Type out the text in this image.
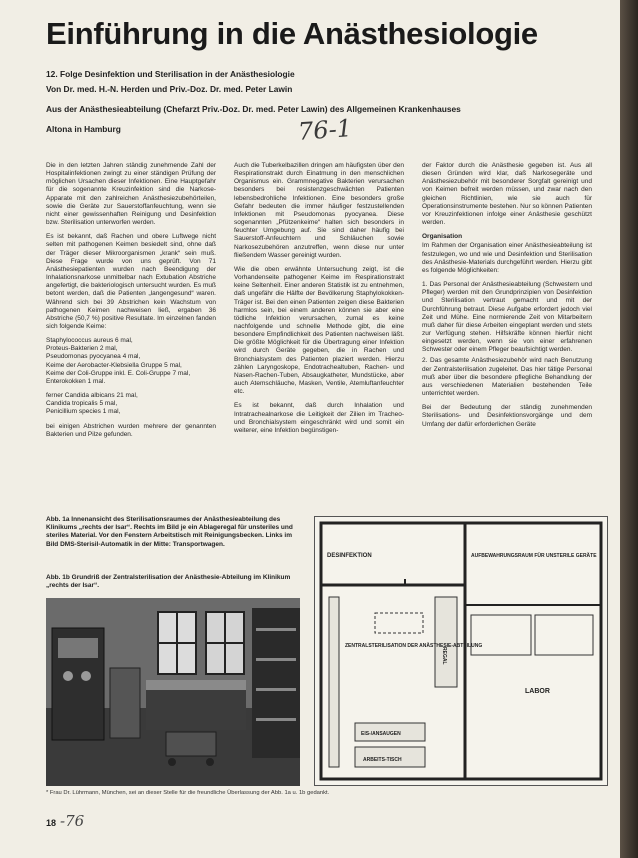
Einführung in die Anästhesiologie
12. Folge Desinfektion und Sterilisation in der Anästhesiologie
Von Dr. med. H.-N. Herden und Priv.-Doz. Dr. med. Peter Lawin
Aus der Anästhesieabteilung (Chefarzt Priv.-Doz. Dr. med. Peter Lawin) des Allgemeinen Krankenhauses
Altona in Hamburg	76-1

Die in den letzten Jahren ständig zunehmende Zahl der Hospitalinfektionen zwingt zu einer ständigen Prüfung der möglichen Ursachen dieser Infektionen. Eine Hauptgefahr für die sogenannte Kreuzinfektion sind die Narkose-Apparate mit den zahlreichen Anästhesiezubehörteilen, sowie die Geräte zur Sauerstoffanfeuchtung, wenn sie nicht einer gewissenhaften Reinigung und Desinfektion bzw. Sterilisation unterworfen werden.

Es ist bekannt, daß Rachen und obere Luftwege nicht selten mit pathogenen Keimen besiedelt sind, ohne daß der Träger dieser Mikroorganismen „krank“ sein muß. Diese Frage wurde von uns geprüft. Von 71 Anästhesiepatienten wurden nach Beendigung der Inhalationsnarkose unmittelbar nach Extubation Abstriche angefertigt, die bakteriologisch untersucht wurden. Es muß betont werden, daß die Patienten „langengesund“ waren. Während sich bei 39 Abstrichen kein Wachstum von pathogenen Keimen nachweisen ließ, ergaben 36 Abstriche (50,7 %) positive Resultate. Im einzelnen fanden sich folgende Keime:

Staphylococcus aureus 6 mal,
Proteus-Bakterien 2 mal,
Pseudomonas pyocyanea 4 mal,
Keime der Aerobacter-Klebsiella Gruppe 5 mal,
Keime der Coli-Gruppe inkl. E. Coli-Gruppe 7 mal,
Enterokokken 1 mal.
ferner Candida albicans 21 mal,
Candida tropicalis 5 mal,
Penicillium species 1 mal,

bei einigen Abstrichen wurden mehrere der genannten Bakterien und Pilze gefunden.

Auch die Tuberkelbazillen dringen am häufigsten über den Respirationstrakt durch Einatmung in den menschlichen Organismus ein. Grammnegative Bakterien verursachen besonders bei resistenzgeschwächten Patienten lebensbedrohliche Infektionen. Eine besonders große Gefahr bedeuten die immer häufiger festzustellenden Infektionen mit Pseudomonas pyocyanea. Diese sogenannten „Pfützenkeime“ halten sich besonders in feuchter Umgebung auf. Sie sind daher häufig bei Sauerstoff-Anfeuchtern und Schläuchen sowie Narkosezubehören anzutreffen, wenn diese nur unter fließendem Wasser gereinigt wurden.

Wie die oben erwähnte Untersuchung zeigt, ist die Vorhandenseite pathogener Keime im Respirationstrakt keine Seltenheit. Einer anderen Statistik ist zu entnehmen, daß ungefähr die Hälfte der Bevölkerung Staphylokokken-Träger ist. Bei den einen Patienten zeigen diese Bakterien harmlos sein, bei einem anderen können sie aber eine tödliche Infektion verursachen, zumal es keine nachfolgende und schnelle Methode gibt, die eine besondere Empfindlichkeit des Patienten nachweisen läßt. Die größte Möglichkeit für die Übertragung einer Infektion wird durch Geräte gegeben, die in Rachen und Bronchialsystem des Patienten plaziert werden. Hierzu zählen Laryngoskope, Endotrachealtuben, Rachen- und Nasen-Rachen-Tuben, Absaugkatheter, Mundstücke, aber auch Atemschläuche, Masken, Ventile, Atemluftanfeuchter etc.

Es ist bekannt, daß durch Inhalation und Intratrachealnarkose die Leitigkeit der Zilien im Tracheo- und Bronchialsystem eingeschränkt wird und somit ein weiterer, eine Infektion begünstigen-

der Faktor durch die Anästhesie gegeben ist. Aus all diesen Gründen wird klar, daß Narkosegeräte und Anästhesiezubehör mit besonderer Sorgfalt gereinigt und von Keimen befreit werden müssen, und zwar nach den gleichen Richtlinien, wie sie auch für Operationsinstrumente bestehen. Nur so können Patienten vor Kreuzinfektionen infolge einer Anästhesie geschützt werden.

Organisation

Im Rahmen der Organisation einer Anästhesieabteilung ist festzulegen, wo und wie und Desinfektion und Sterilisation des Anästhesie-Materials durchgeführt werden. Hierzu gibt es folgende Möglichkeiten:

1. Das Personal der Anästhesieabteilung (Schwestern und Pfleger) werden mit den Grundprinzipien von Desinfektion und Sterilisation vertraut gemacht und mit der Durchführung betraut. Diese Aufgabe erfordert jedoch viel Zeit und Mühe. Eine normierende Zeit von Mitarbeitern muß daher für diese Arbeiten eingeplant werden und stets zur Verfügung stehen. Hilfskräfte können hierfür nicht eingesetzt werden, wenn sie von einer erfahrenen Schwester oder einem Pfleger beaufsichtigt werden.
2. Das gesamte Anästhesiezubehör wird nach Benutzung der Zentralsterilisation zugeleitet. Das hier tätige Personal muß aber über die besondere pflegliche Behandlung der aus verschiedenen Materialien bestehenden Teile unterrichtet werden.

Bei der Bedeutung der ständig zunehmenden Sterilisations- und Desinfektionsvorgänge und dem Umfang der dafür erforderlichen Geräte

Abb. 1a Innenansicht des Sterilisationsraumes der Anästhesieabteilung des Klinikums „rechts der Isar“. Rechts im Bild je ein Ablageregal für unsteriles und steriles Material. Vor den Fenstern Arbeitstisch mit Reinigungsbecken. Links im Bild DMS-Sterisil-Automatik in der Mitte: Transportwagen.
Abb. 1b Grundriß der Zentralsterilisation der Anästhesie-Abteilung im Klinikum „rechts der Isar“.
DESINFEKTION	AUFBEWAHRUNGSRAUM FÜR UNSTERILE GERÄTE
ZENTRALSTERILISATION DER ANÄSTHESIE-ABTEILUNG
LABOR
REGAL
ARBEITS-TISCH
EIS-/ANSAUGEN
* Frau Dr. Lührmann, München, sei an dieser Stelle für die freundliche Überlassung der Abb. 1a u. 1b gedankt.
18 -76
